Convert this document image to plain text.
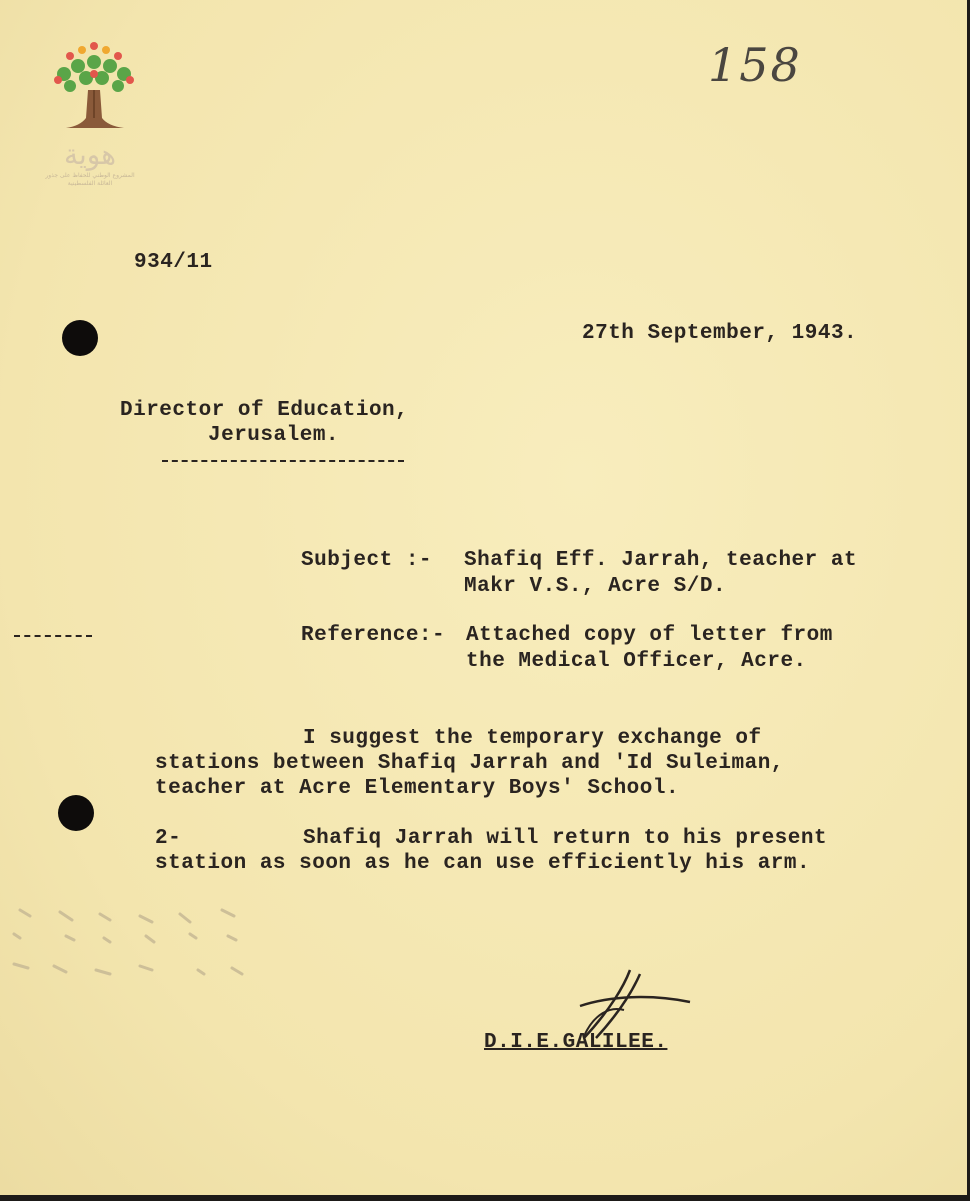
هوية
المشروع الوطني للحفاظ على جذور العائلة الفلسطينية
158
934/11
27th September, 1943.
Director of Education,
Jerusalem.
Subject :- Shafiq Eff. Jarrah, teacher at
Makr V.S., Acre S/D.
Reference:- Attached copy of letter from
the Medical Officer, Acre.
I suggest the temporary exchange of
stations between Shafiq Jarrah and 'Id Suleiman,
teacher at Acre Elementary Boys' School.
2-	Shafiq Jarrah will return to his present
station as soon as he can use efficiently his arm.
D.I.E.GALILEE.
